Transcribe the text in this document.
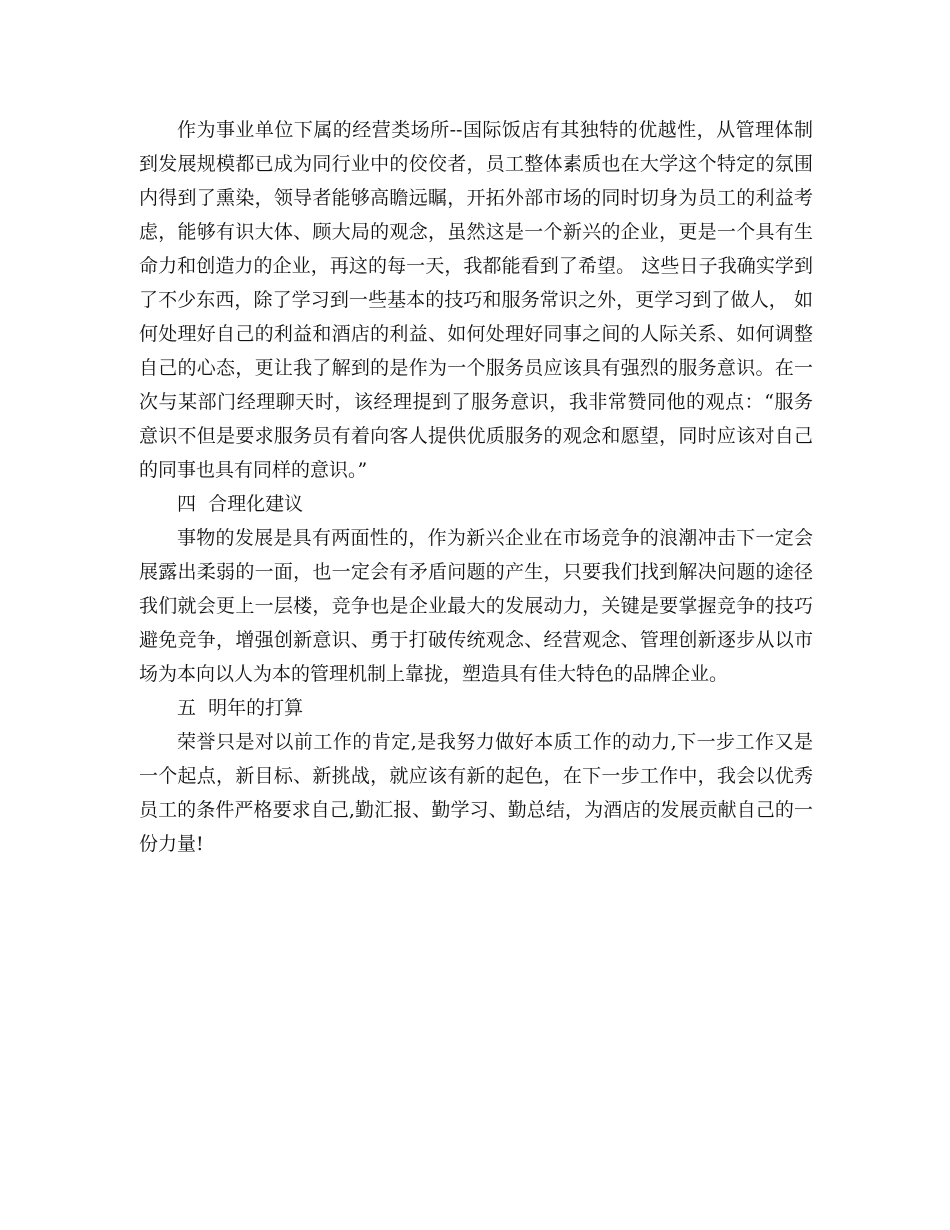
作为事业单位下属的经营类场所--国际饭店有其独特的优越性，从管理体制到发展规模都已成为同行业中的佼佼者，员工整体素质也在大学这个特定的氛围内得到了熏染，领导者能够高瞻远瞩，开拓外部市场的同时切身为员工的利益考虑，能够有识大体、顾大局的观念，虽然这是一个新兴的企业，更是一个具有生命力和创造力的企业，再这的每一天，我都能看到了希望。 这些日子我确实学到了不少东西，除了学习到一些基本的技巧和服务常识之外，更学习到了做人， 如何处理好自己的利益和酒店的利益、如何处理好同事之间的人际关系、如何调整自己的心态，更让我了解到的是作为一个服务员应该具有强烈的服务意识。在一次与某部门经理聊天时，该经理提到了服务意识，我非常赞同他的观点：“服务意识不但是要求服务员有着向客人提供优质服务的观念和愿望，同时应该对自己的同事也具有同样的意识。”

四  合理化建议

事物的发展是具有两面性的，作为新兴企业在市场竞争的浪潮冲击下一定会展露出柔弱的一面，也一定会有矛盾问题的产生，只要我们找到解决问题的途径我们就会更上一层楼，竞争也是企业最大的发展动力，关键是要掌握竞争的技巧避免竞争，增强创新意识、勇于打破传统观念、经营观念、管理创新逐步从以市场为本向以人为本的管理机制上靠拢，塑造具有佳大特色的品牌企业。

五  明年的打算

荣誉只是对以前工作的肯定,是我努力做好本质工作的动力,下一步工作又是一个起点，新目标、新挑战，就应该有新的起色，在下一步工作中，我会以优秀员工的条件严格要求自己,勤汇报、勤学习、勤总结，为酒店的发展贡献自己的一份力量!
